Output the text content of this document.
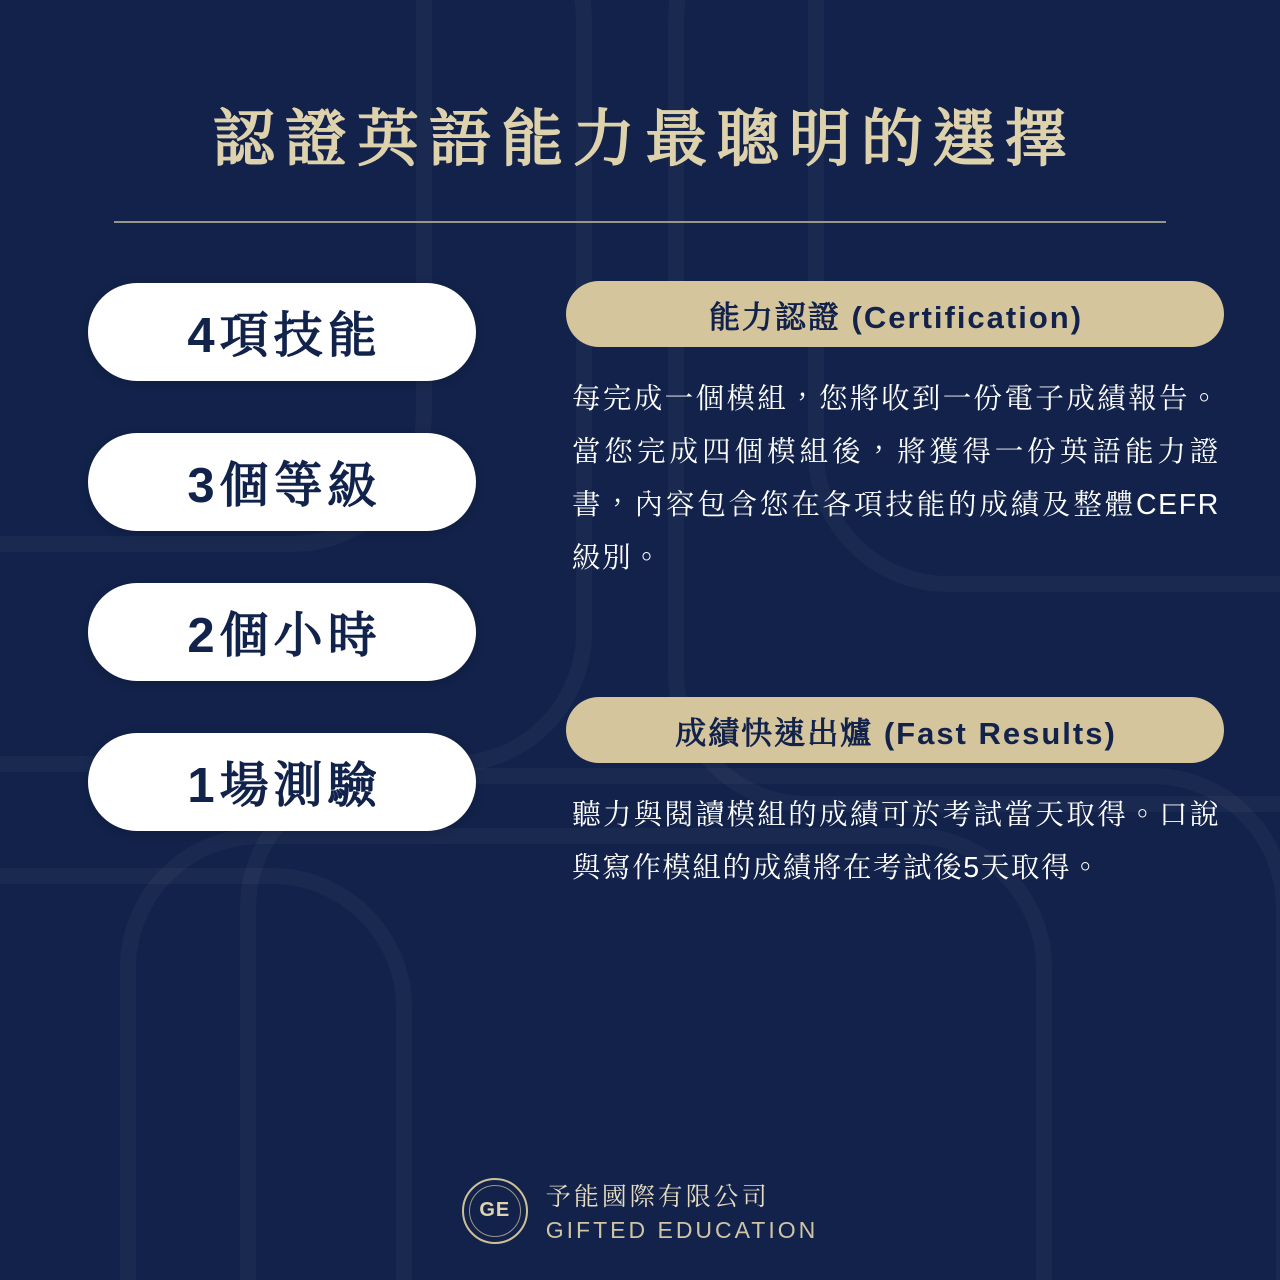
認證英語能力最聰明的選擇
4項技能
3個等級
2個小時
1場測驗
能力認證 (Certification)

每完成一個模組，您將收到一份電子成績報告。當您完成四個模組後，將獲得一份英語能力證書，內容包含您在各項技能的成績及整體CEFR級別。

成績快速出爐 (Fast Results)

聽力與閱讀模組的成績可於考試當天取得。口說與寫作模組的成績將在考試後5天取得。

GE 予能國際有限公司
GIFTED EDUCATION
